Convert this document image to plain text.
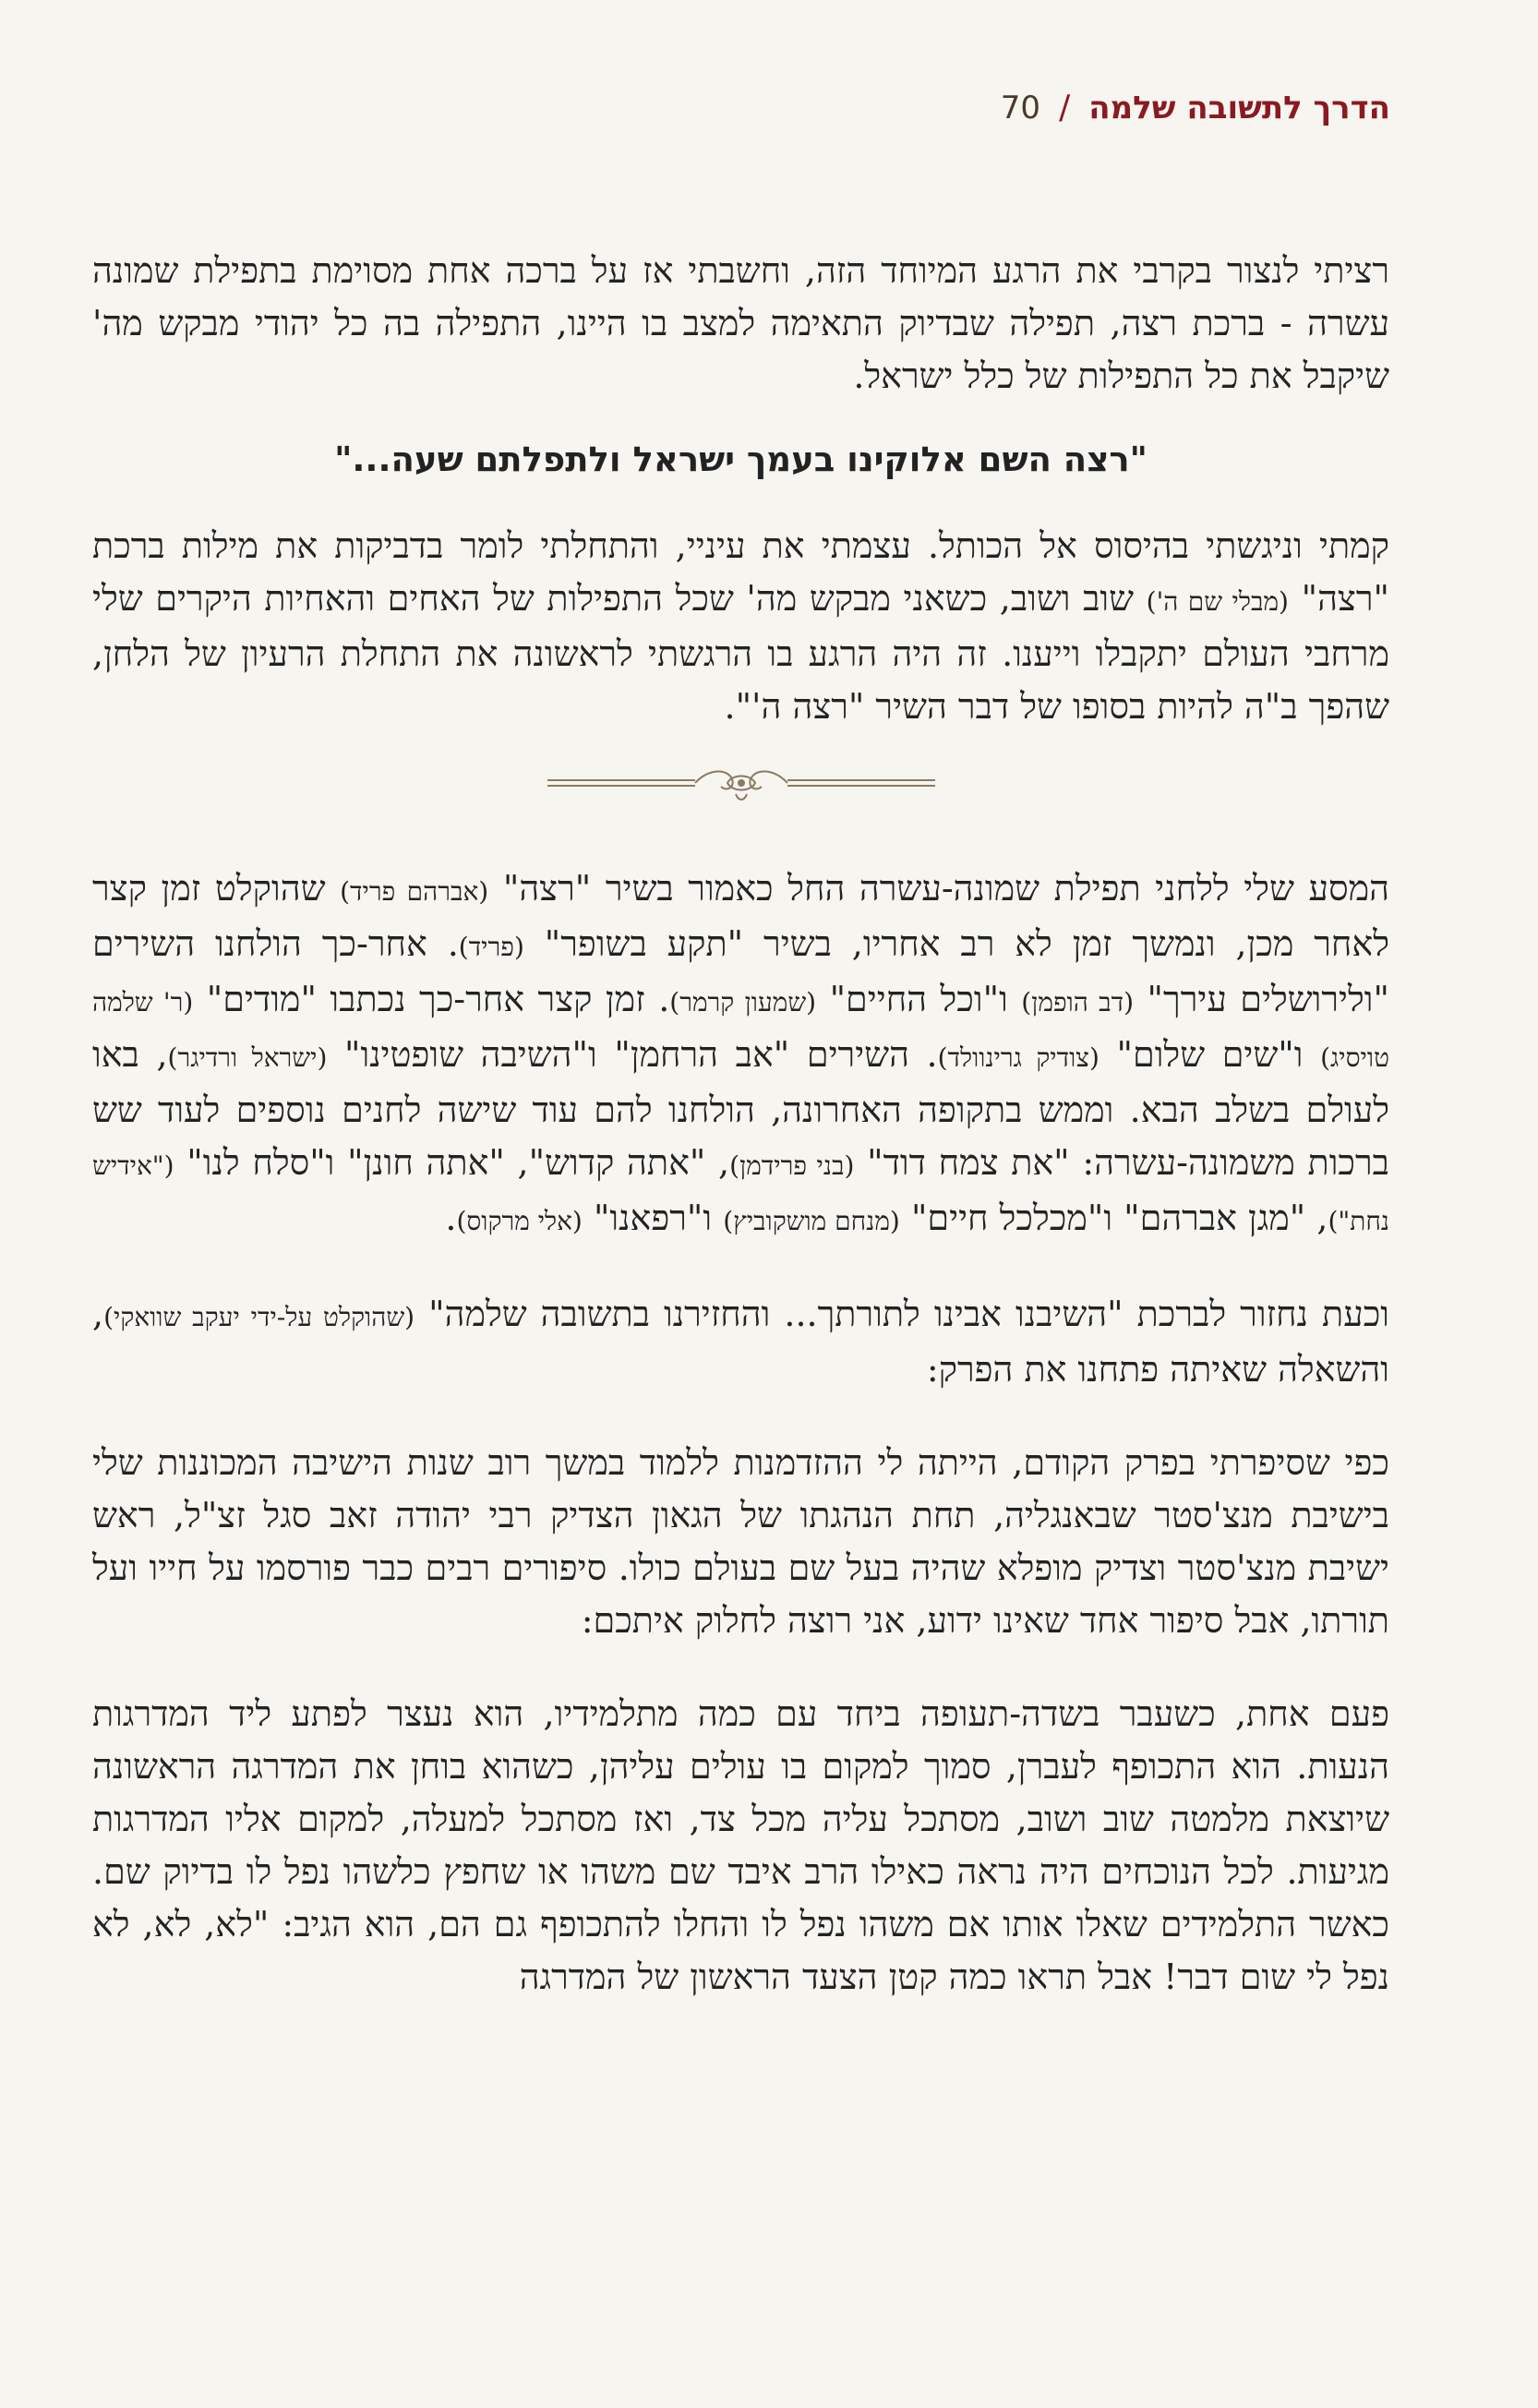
הדרך לתשובה שלמה
/
70

רציתי לנצור בקרבי את הרגע המיוחד הזה, וחשבתי אז על ברכה אחת מסוימת בתפילת שמונה עשרה - ברכת רצה, תפילה שבדיוק התאימה למצב בו היינו, התפילה בה כל יהודי מבקש מה' שיקבל את כל התפילות של כלל ישראל.

"רצה השם אלוקינו בעמך ישראל ולתפלתם שעה..."

קמתי וניגשתי בהיסוס אל הכותל. עצמתי את עיניי, והתחלתי לומר בדביקות את מילות ברכת "רצה" (מבלי שם ה') שוב ושוב, כשאני מבקש מה' שכל התפילות של האחים והאחיות היקרים שלי מרחבי העולם יתקבלו וייענו. זה היה הרגע בו הרגשתי לראשונה את התחלת הרעיון של הלחן, שהפך ב"ה להיות בסופו של דבר השיר "רצה ה'".

המסע שלי ללחני תפילת שמונה-עשרה החל כאמור בשיר "רצה" (אברהם פריד) שהוקלט זמן קצר לאחר מכן, ונמשך זמן לא רב אחריו, בשיר "תקע בשופר" (פריד). אחר-כך הולחנו השירים "ולירושלים עירך" (דב הופמן) ו"וכל החיים" (שמעון קרמר). זמן קצר אחר-כך נכתבו "מודים" (ר' שלמה טויסיג) ו"שים שלום" (צודיק גרינוולד). השירים "אב הרחמן" ו"השיבה שופטינו" (ישראל ורדיגר), באו לעולם בשלב הבא. וממש בתקופה האחרונה, הולחנו להם עוד שישה לחנים נוספים לעוד שש ברכות משמונה-עשרה: "את צמח דוד" (בני פרידמן), "אתה קדוש", "אתה חונן" ו"סלח לנו" ("אידיש נחת"), "מגן אברהם" ו"מכלכל חיים" (מנחם מושקוביץ) ו"רפאנו" (אלי מרקוס).

וכעת נחזור לברכת "השיבנו אבינו לתורתך... והחזירנו בתשובה שלמה" (שהוקלט על-ידי יעקב שוואקי), והשאלה שאיתה פתחנו את הפרק:

כפי שסיפרתי בפרק הקודם, הייתה לי ההזדמנות ללמוד במשך רוב שנות הישיבה המכוננות שלי בישיבת מנצ'סטר שבאנגליה, תחת הנהגתו של הגאון הצדיק רבי יהודה זאב סגל זצ"ל, ראש ישיבת מנצ'סטר וצדיק מופלא שהיה בעל שם בעולם כולו. סיפורים רבים כבר פורסמו על חייו ועל תורתו, אבל סיפור אחד שאינו ידוע, אני רוצה לחלוק איתכם:

פעם אחת, כשעבר בשדה-תעופה ביחד עם כמה מתלמידיו, הוא נעצר לפתע ליד המדרגות הנעות. הוא התכופף לעברן, סמוך למקום בו עולים עליהן, כשהוא בוחן את המדרגה הראשונה שיוצאת מלמטה שוב ושוב, מסתכל עליה מכל צד, ואז מסתכל למעלה, למקום אליו המדרגות מגיעות. לכל הנוכחים היה נראה כאילו הרב איבד שם משהו או שחפץ כלשהו נפל לו בדיוק שם. כאשר התלמידים שאלו אותו אם משהו נפל לו והחלו להתכופף גם הם, הוא הגיב: "לא, לא, לא נפל לי שום דבר! אבל תראו כמה קטן הצעד הראשון של המדרגה
